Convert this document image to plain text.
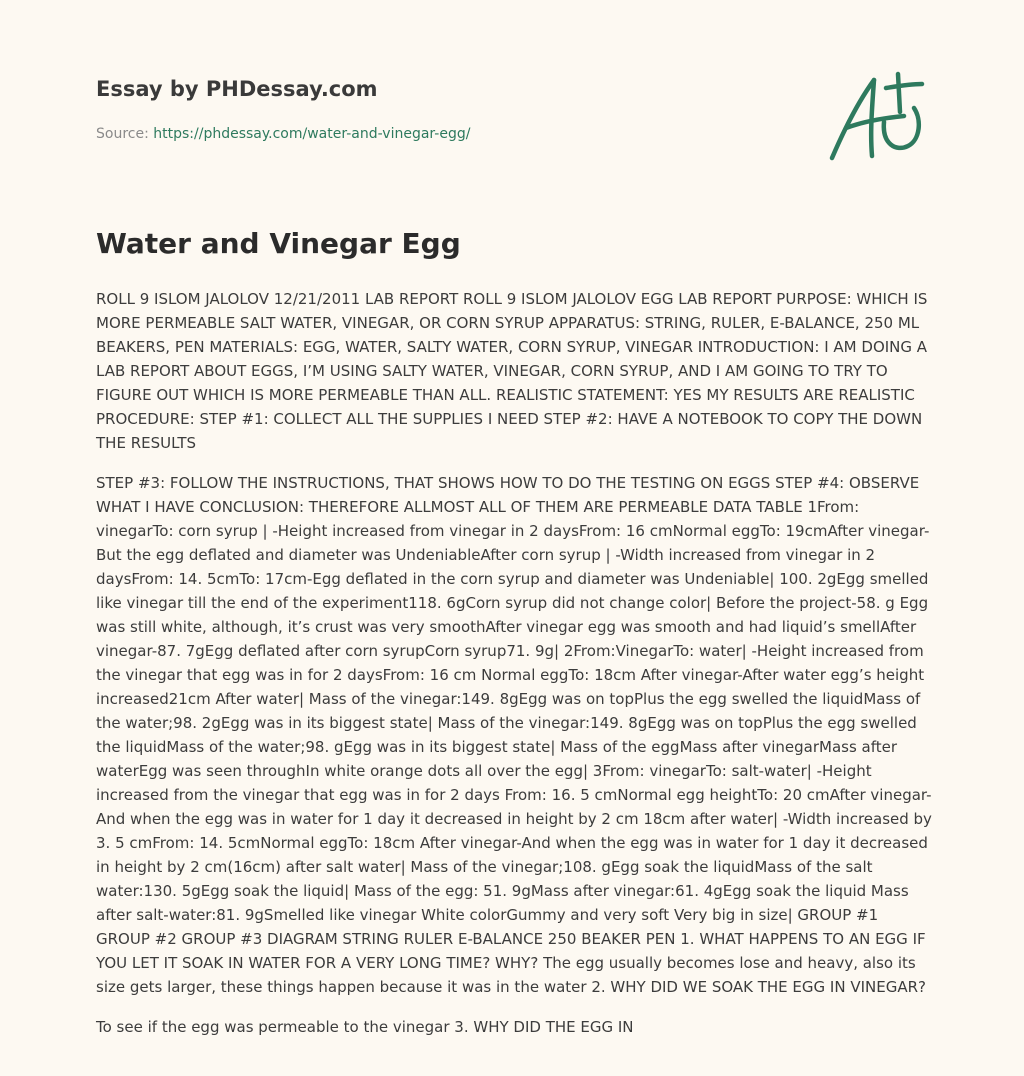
Essay by PHDessay.com
Source: https://phdessay.com/water-and-vinegar-egg/
Water and Vinegar Egg

ROLL 9 ISLOM JALOLOV 12/21/2011 LAB REPORT ROLL 9 ISLOM JALOLOV EGG LAB REPORT PURPOSE: WHICH IS MORE PERMEABLE SALT WATER, VINEGAR, OR CORN SYRUP APPARATUS: STRING, RULER, E-BALANCE, 250 ML BEAKERS, PEN MATERIALS: EGG, WATER, SALTY WATER, CORN SYRUP, VINEGAR INTRODUCTION: I AM DOING A LAB REPORT ABOUT EGGS, I’M USING SALTY WATER, VINEGAR, CORN SYRUP, AND I AM GOING TO TRY TO FIGURE OUT WHICH IS MORE PERMEABLE THAN ALL. REALISTIC STATEMENT: YES MY RESULTS ARE REALISTIC PROCEDURE: STEP #1: COLLECT ALL THE SUPPLIES I NEED STEP #2: HAVE A NOTEBOOK TO COPY THE DOWN THE RESULTS

STEP #3: FOLLOW THE INSTRUCTIONS, THAT SHOWS HOW TO DO THE TESTING ON EGGS STEP #4: OBSERVE WHAT I HAVE CONCLUSION: THEREFORE ALLMOST ALL OF THEM ARE PERMEABLE DATA TABLE 1From: vinegarTo: corn syrup | -Height increased from vinegar in 2 daysFrom: 16 cmNormal eggTo: 19cmAfter vinegar-But the egg deflated and diameter was UndeniableAfter corn syrup | -Width increased from vinegar in 2 daysFrom: 14. 5cmTo: 17cm-Egg deflated in the corn syrup and diameter was Undeniable| 100. 2gEgg smelled like vinegar till the end of the experiment118. 6gCorn syrup did not change color| Before the project-58. g Egg was still white, although, it’s crust was very smoothAfter vinegar egg was smooth and had liquid’s smellAfter vinegar-87. 7gEgg deflated after corn syrupCorn syrup71. 9g| 2From:VinegarTo: water| -Height increased from the vinegar that egg was in for 2 daysFrom: 16 cm Normal eggTo: 18cm After vinegar-After water egg’s height increased21cm After water| Mass of the vinegar:149. 8gEgg was on topPlus the egg swelled the liquidMass of the water;98. 2gEgg was in its biggest state| Mass of the vinegar:149. 8gEgg was on topPlus the egg swelled the liquidMass of the water;98. gEgg was in its biggest state| Mass of the eggMass after vinegarMass after waterEgg was seen throughIn white orange dots all over the egg| 3From: vinegarTo: salt-water| -Height increased from the vinegar that egg was in for 2 days From: 16. 5 cmNormal egg heightTo: 20 cmAfter vinegar-And when the egg was in water for 1 day it decreased in height by 2 cm 18cm after water| -Width increased by 3. 5 cmFrom: 14. 5cmNormal eggTo: 18cm After vinegar-And when the egg was in water for 1 day it decreased in height by 2 cm(16cm) after salt water| Mass of the vinegar;108. gEgg soak the liquidMass of the salt water:130. 5gEgg soak the liquid| Mass of the egg: 51. 9gMass after vinegar:61. 4gEgg soak the liquid Mass after salt-water:81. 9gSmelled like vinegar White colorGummy and very soft Very big in size| GROUP #1 GROUP #2 GROUP #3 DIAGRAM STRING RULER E-BALANCE 250 BEAKER PEN 1. WHAT HAPPENS TO AN EGG IF YOU LET IT SOAK IN WATER FOR A VERY LONG TIME? WHY? The egg usually becomes lose and heavy, also its size gets larger, these things happen because it was in the water 2. WHY DID WE SOAK THE EGG IN VINEGAR?

To see if the egg was permeable to the vinegar 3. WHY DID THE EGG IN
